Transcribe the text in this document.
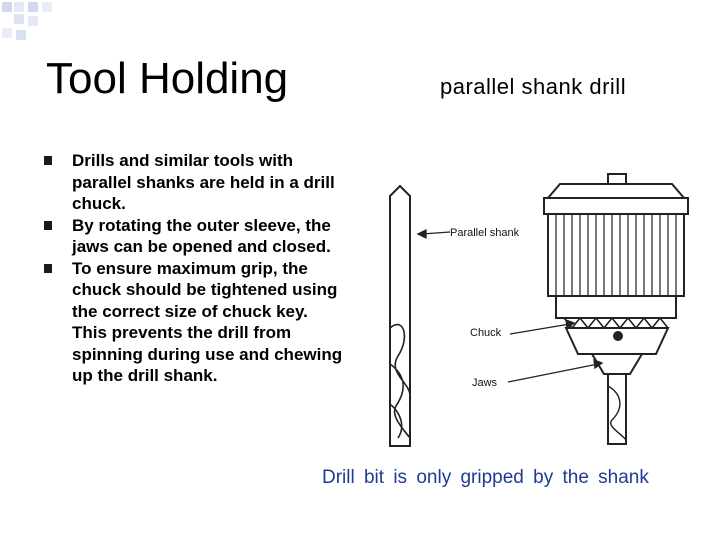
Tool Holding	parallel shank drill
Drills and similar tools with parallel shanks are held in a drill chuck.
By rotating the outer sleeve, the jaws can be opened and closed.
To ensure maximum grip, the chuck should be tightened using the correct size of chuck key. This prevents the drill from spinning during use and chewing up the drill shank.
Parallel shank
Chuck
Jaws
Drill bit is only gripped by the shank
